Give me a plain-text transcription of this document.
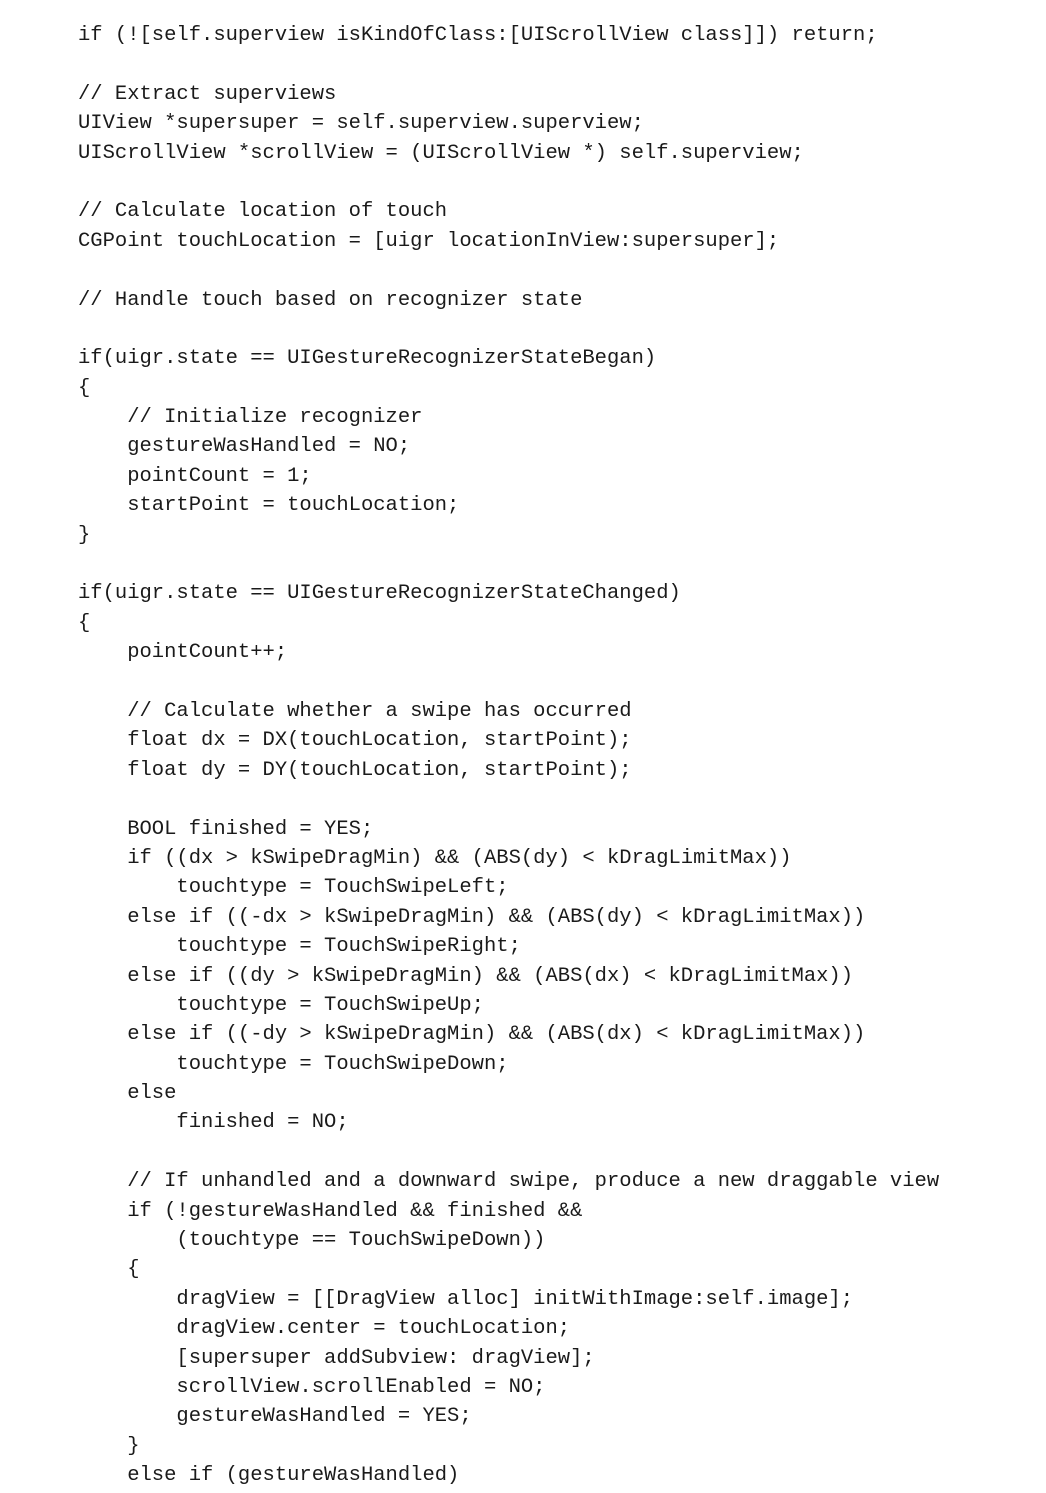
if (![self.superview isKindOfClass:[UIScrollView class]]) return;
// Extract superviews
UIView *supersuper = self.superview.superview;
UIScrollView *scrollView = (UIScrollView *) self.superview;
// Calculate location of touch
CGPoint touchLocation = [uigr locationInView:supersuper];
// Handle touch based on recognizer state
if(uigr.state == UIGestureRecognizerStateBegan)
{
// Initialize recognizer
gestureWasHandled = NO;
pointCount = 1;
startPoint = touchLocation;
}
if(uigr.state == UIGestureRecognizerStateChanged)
{
pointCount++;
// Calculate whether a swipe has occurred
float dx = DX(touchLocation, startPoint);
float dy = DY(touchLocation, startPoint);
BOOL finished = YES;
if ((dx > kSwipeDragMin) && (ABS(dy) < kDragLimitMax))
touchtype = TouchSwipeLeft;
else if ((-dx > kSwipeDragMin) && (ABS(dy) < kDragLimitMax))
touchtype = TouchSwipeRight;
else if ((dy > kSwipeDragMin) && (ABS(dx) < kDragLimitMax))
touchtype = TouchSwipeUp;
else if ((-dy > kSwipeDragMin) && (ABS(dx) < kDragLimitMax))
touchtype = TouchSwipeDown;
else
finished = NO;
// If unhandled and a downward swipe, produce a new draggable view
if (!gestureWasHandled && finished &&
(touchtype == TouchSwipeDown))
{
dragView = [[DragView alloc] initWithImage:self.image];
dragView.center = touchLocation;
[supersuper addSubview: dragView];
scrollView.scrollEnabled = NO;
gestureWasHandled = YES;
}
else if (gestureWasHandled)
